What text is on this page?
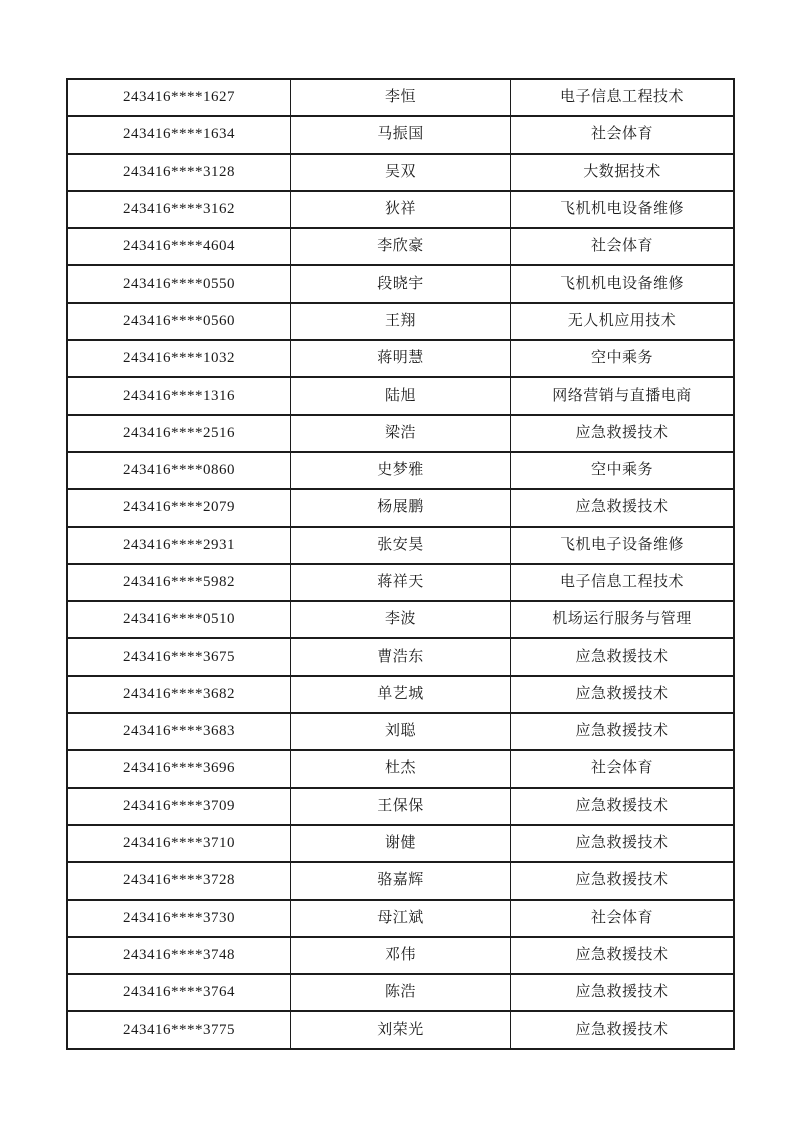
243416****1627	李恒	电子信息工程技术
243416****1634	马振国	社会体育
243416****3128	吴双	大数据技术
243416****3162	狄祥	飞机机电设备维修
243416****4604	李欣豪	社会体育
243416****0550	段晓宇	飞机机电设备维修
243416****0560	王翔	无人机应用技术
243416****1032	蒋明慧	空中乘务
243416****1316	陆旭	网络营销与直播电商
243416****2516	梁浩	应急救援技术
243416****0860	史梦雅	空中乘务
243416****2079	杨展鹏	应急救援技术
243416****2931	张安昊	飞机电子设备维修
243416****5982	蒋祥天	电子信息工程技术
243416****0510	李波	机场运行服务与管理
243416****3675	曹浩东	应急救援技术
243416****3682	单艺城	应急救援技术
243416****3683	刘聪	应急救援技术
243416****3696	杜杰	社会体育
243416****3709	王保保	应急救援技术
243416****3710	谢健	应急救援技术
243416****3728	骆嘉辉	应急救援技术
243416****3730	母江斌	社会体育
243416****3748	邓伟	应急救援技术
243416****3764	陈浩	应急救援技术
243416****3775	刘荣光	应急救援技术
